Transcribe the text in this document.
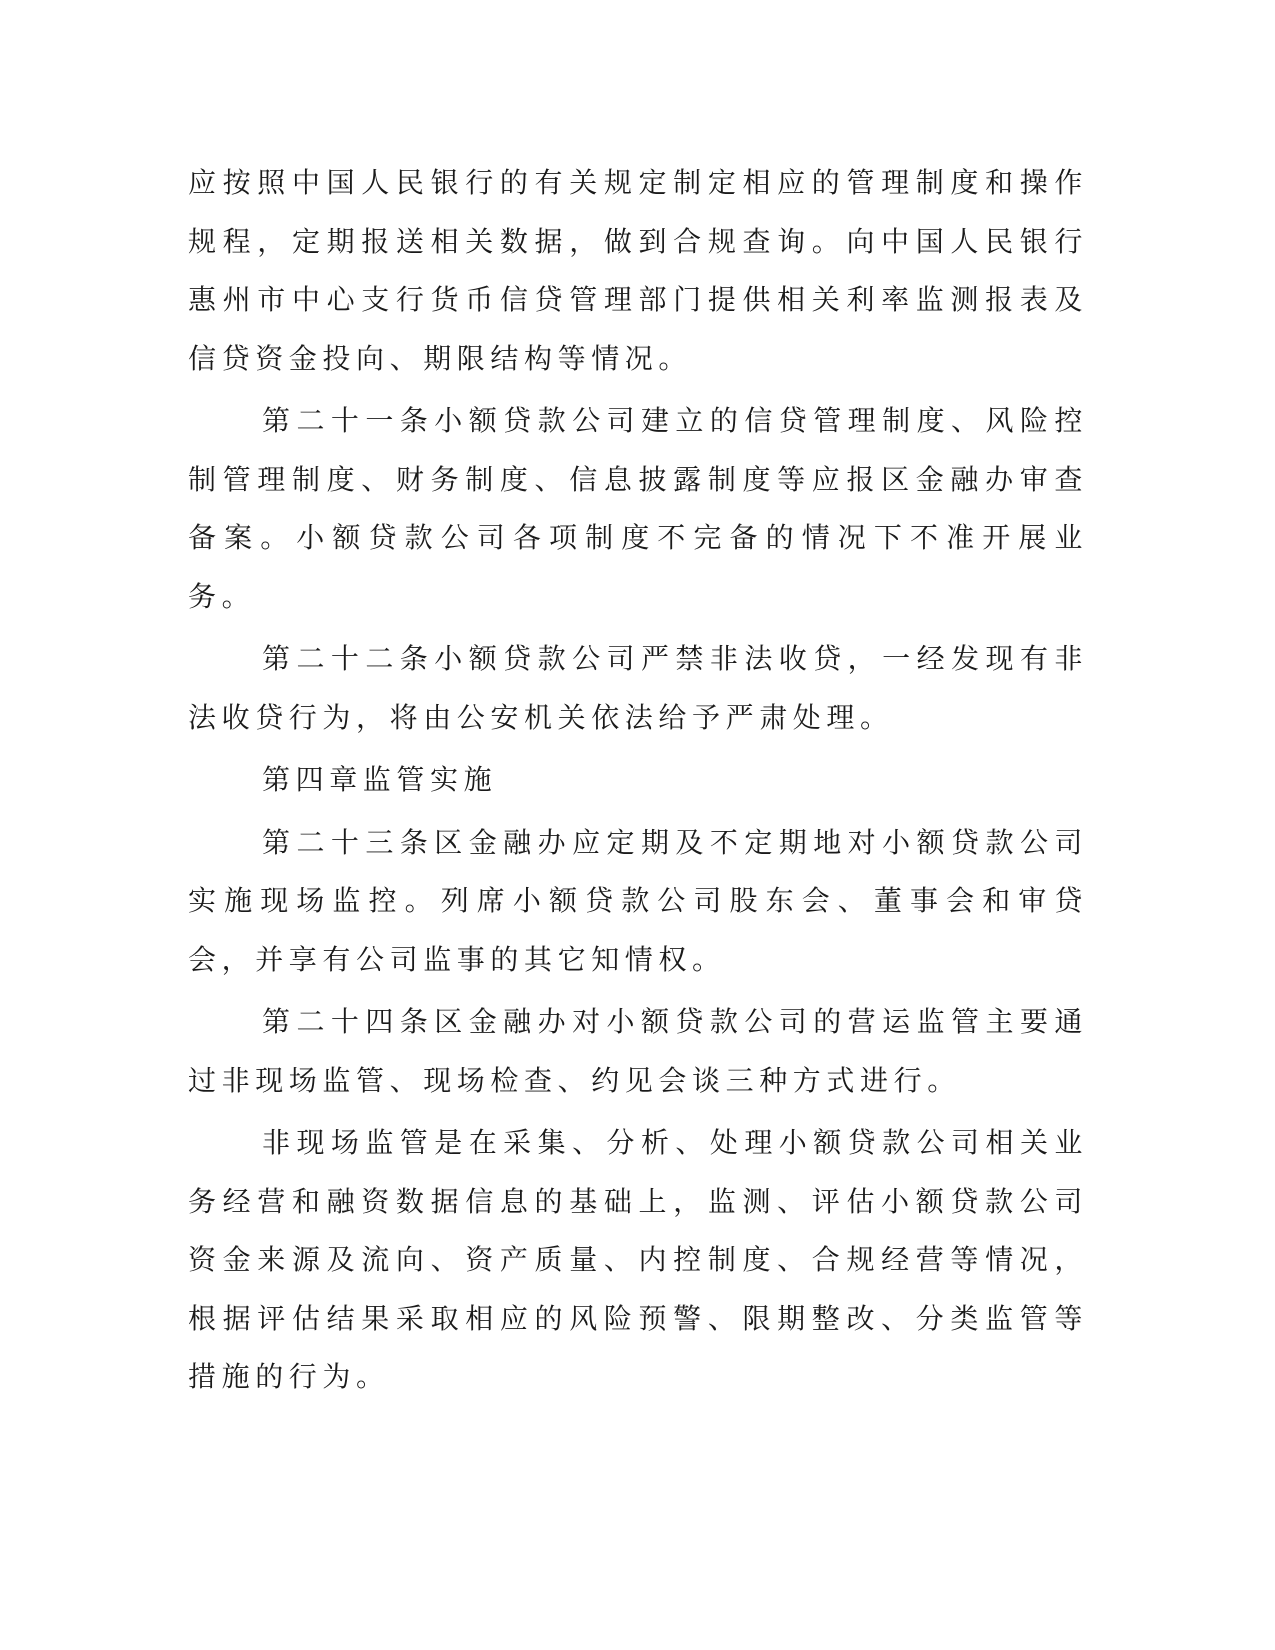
应按照中国人民银行的有关规定制定相应的管理制度和操作规程，定期报送相关数据，做到合规查询。向中国人民银行惠州市中心支行货币信贷管理部门提供相关利率监测报表及信贷资金投向、期限结构等情况。

第二十一条小额贷款公司建立的信贷管理制度、风险控制管理制度、财务制度、信息披露制度等应报区金融办审查备案。小额贷款公司各项制度不完备的情况下不准开展业务。

第二十二条小额贷款公司严禁非法收贷，一经发现有非法收贷行为，将由公安机关依法给予严肃处理。

第四章监管实施

第二十三条区金融办应定期及不定期地对小额贷款公司实施现场监控。列席小额贷款公司股东会、董事会和审贷会，并享有公司监事的其它知情权。

第二十四条区金融办对小额贷款公司的营运监管主要通过非现场监管、现场检查、约见会谈三种方式进行。

非现场监管是在采集、分析、处理小额贷款公司相关业务经营和融资数据信息的基础上，监测、评估小额贷款公司资金来源及流向、资产质量、内控制度、合规经营等情况，根据评估结果采取相应的风险预警、限期整改、分类监管等措施的行为。
